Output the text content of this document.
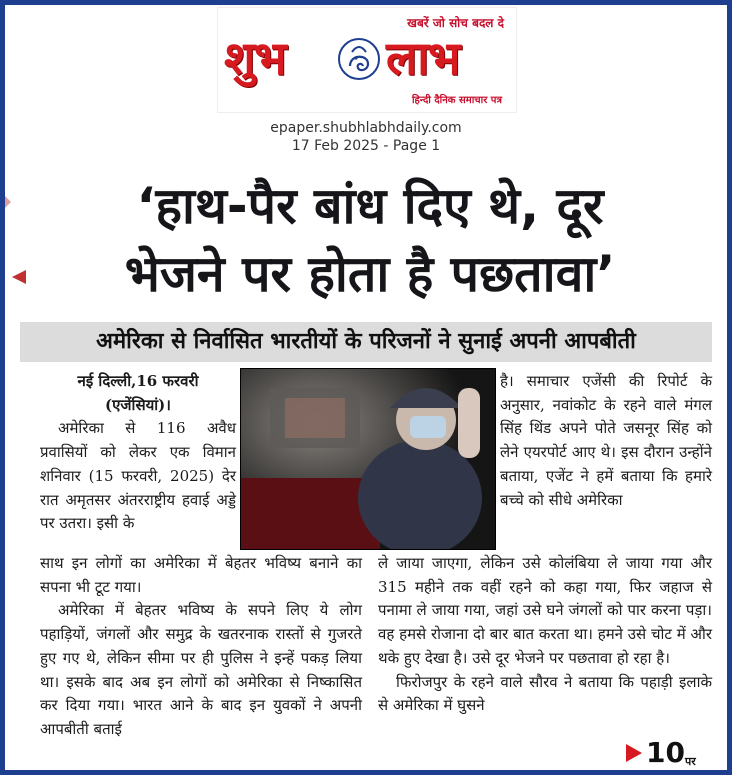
खबरें जो सोच बदल दे
शुभ लाभ
हिन्दी दैनिक समाचार पत्र
epaper.shubhlabhdaily.com
17 Feb 2025 - Page 1
‘हाथ-पैर बांध दिए थे, दूर
भेजने पर होता है पछतावा’
अमेरिका से निर्वासित भारतीयों के परिजनों ने सुनाई अपनी आपबीती
नई दिल्ली,16 फरवरी
(एजेंसियां)।

अमेरिका से 116 अवैध प्रवासियों को लेकर एक विमान शनिवार (15 फरवरी, 2025) देर रात अमृतसर अंतरराष्ट्रीय हवाई अड्डे पर उतरा। इसी के

है। समाचार एजेंसी की रिपोर्ट के अनुसार, नवांकोट के रहने वाले मंगल सिंह थिंड अपने पोते जसनूर सिंह को लेने एयरपोर्ट आए थे। इस दौरान उन्होंने बताया, एजेंट ने हमें बताया कि हमारे बच्चे को सीधे अमेरिका

साथ इन लोगों का अमेरिका में बेहतर भविष्य बनाने का सपना भी टूट गया।

अमेरिका में बेहतर भविष्य के सपने लिए ये लोग पहाड़ियों, जंगलों और समुद्र के खतरनाक रास्तों से गुजरते हुए गए थे, लेकिन सीमा पर ही पुलिस ने इन्हें पकड़ लिया था। इसके बाद अब इन लोगों को अमेरिका से निष्कासित कर दिया गया। भारत आने के बाद इन युवकों ने अपनी आपबीती बताई

ले जाया जाएगा, लेकिन उसे कोलंबिया ले जाया गया और 315 महीने तक वहीं रहने को कहा गया, फिर जहाज से पनामा ले जाया गया, जहां उसे घने जंगलों को पार करना पड़ा। वह हमसे रोजाना दो बार बात करता था। हमने उसे चोट में और थके हुए देखा है। उसे दूर भेजने पर पछतावा हो रहा है।

फिरोजपुर के रहने वाले सौरव ने बताया कि पहाड़ी इलाके से अमेरिका में घुसने

10पर
